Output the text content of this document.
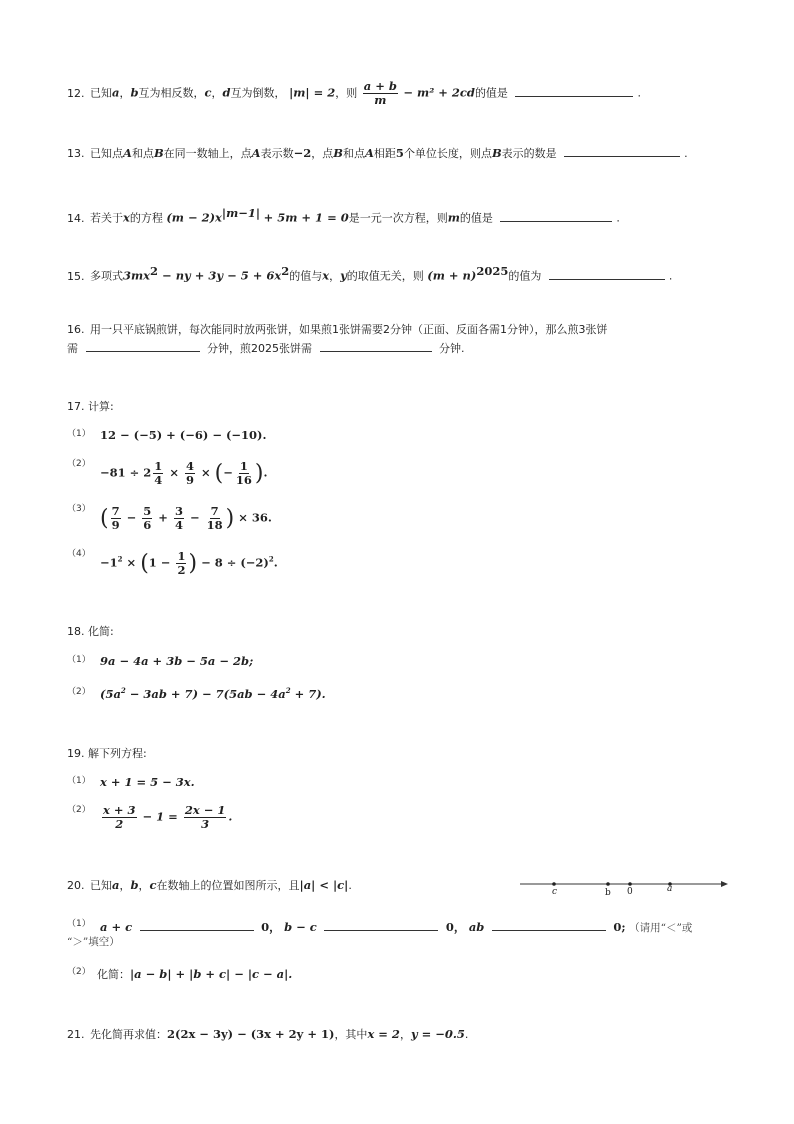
12. 已知a，b互为相反数，c，d互为倒数， |m| = 2，则 $\frac{a + b}{m} - m^2 + 2cd$的值是	.
13. 已知点A和点B在同一数轴上，点A表示数−2，点B和点A相距5个单位长度，则点B表示的数是	.
14. 若关于x的方程 $(m - 2)x^{|m-1|} + 5m + 1 = 0$是一元一次方程，则m的值是	.
15. 多项式$3mx^2$ − ny + $3y - 5 + 6x^2$的值与x，y的取值无关，则 $(m + n)^{2025}$的值为	.
16. 用一只平底锅煎饼，每次能同时放两张饼，如果煎1张饼需要2分钟（正面、反面各需1分钟），那么煎3张饼
需	分钟，煎2025张饼需	分钟.
17. 计算:
（1） 12 − (−5) + (−6) − (−10).
（2）
$-81 \div 2 \frac{1}{4} \times \frac{4}{9}$ × (− $\frac{1}{16}$ ).
（3） ( $\frac{7}{9} - \frac{5}{6} + \frac{3}{4} - \frac{7}{18}$ ) × 36.
（4）
$-1^2 \times (1 - \frac{1}{2}$ ) − $8 \div (-2)^2$.
18. 化简:
（1） 9a − 4a + 3b − 5a − 2b;
（2） $(5a^2 - 3ab + 7) - 7(5ab - 4a^2 + 7)$.
19. 解下列方程:
（1） x + 1 = 5 − 3x.
$(2) \frac{x + 3}{2} - 1 = \frac{2x - 1}{3}$ .
20. 已知a，b，c在数轴上的位置如图所示，且|a| < |c|.	c	b 0	a
（1） a + c	0， b − c	0， ab	0; （请用“＜”或
“＞”填空）
（2） 化简：|a − b| + |b + c| − |c − a|.
21. 先化简再求值：2(2x − 3y) − (3x + 2y + 1)，其中x = 2，y = −0.5.
